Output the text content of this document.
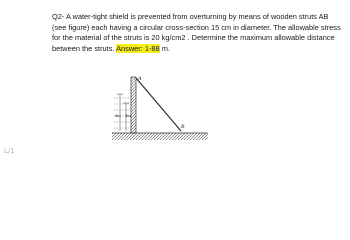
Q2- A water-tight shield is prevented from overturning by means of wooden struts AB (see figure) each having a circular cross-section 15 cm in diameter. The allowable stress for the material of the struts is 20 kg/cm2 . Determine the maximum allowable distance between the struts. Answer: 1-88 m.
4m 3m
A
B
L/1
